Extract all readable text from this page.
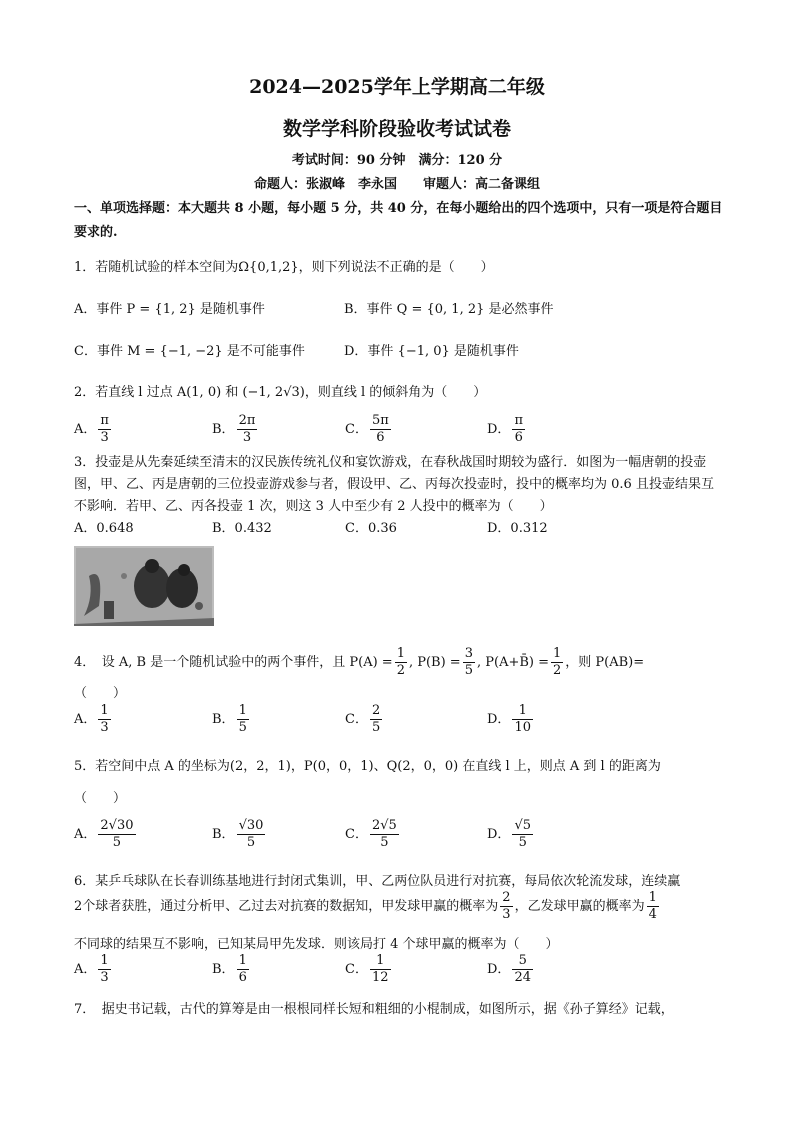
2024—2025学年上学期高二年级
数学学科阶段验收考试试卷
考试时间：90 分钟　满分：120 分
命题人：张淑峰　李永国　　审题人：高二备课组
一、单项选择题：本大题共 8 小题，每小题 5 分，共 40 分，在每小题给出的四个选项中，只有一项是符合题目要求的.
1．若随机试验的样本空间为Ω{0,1,2}，则下列说法不正确的是（　　）
A．事件 P = {1, 2} 是随机事件	B．事件 Q = {0, 1, 2} 是必然事件
C．事件 M = {−1, −2} 是不可能事件	D．事件 {−1, 0} 是随机事件
2．若直线 l 过点 A(1, 0) 和 (−1, 2√3)，则直线 l 的倾斜角为（　　）
A． $\frac{\pi}{3}$	B． $\frac{2\pi}{3}$	C． $\frac{5\pi}{6}$	D． $\frac{\pi}{6}$
3．投壶是从先秦延续至清末的汉民族传统礼仪和宴饮游戏，在春秋战国时期较为盛行．如图为一幅唐朝的投壶图，甲、乙、丙是唐朝的三位投壶游戏参与者，假设甲、乙、丙每次投壶时，投中的概率均为 0.6 且投壶结果互不影响．若甲、乙、丙各投壶 1 次，则这 3 人中至少有 2 人投中的概率为（　　）
A．0.648	B．0.432	C．0.36	D．0.312
4．　设 A, B 是一个随机试验中的两个事件，且 $P(A) = \frac{1}{2}$ , $P(B) = \frac{3}{5}$ , P(A+B̄) = $\frac{1}{2}$ ，则 P(AB)=
（　　）
A． $\frac{1}{3}$	B． $\frac{1}{5}$	C． $\frac{2}{5}$	D． $\frac{1}{10}$
5．若空间中点 A 的坐标为(2，2，1)，P(0，0，1)、Q(2，0，0) 在直线 l 上，则点 A 到 l 的距离为
（　　）
A． $\frac{2√30}{5}$	B． $\frac{√30}{5}$	C． $\frac{2√5}{5}$	D． $\frac{√5}{5}$
6．某乒乓球队在长春训练基地进行封闭式集训，甲、乙两位队员进行对抗赛，每局依次轮流发球，连续赢
2个球者获胜，通过分析甲、乙过去对抗赛的数据知，甲发球甲赢的概率为 $\frac{2}{3}$ ，乙发球甲赢的概率为 $\frac{1}{4}$
不同球的结果互不影响，已知某局甲先发球．则该局打 4 个球甲赢的概率为（　　）
A． $\frac{1}{3}$	B． $\frac{1}{6}$	C． $\frac{1}{12}$	D． $\frac{5}{24}$
7．　据史书记载，古代的算筹是由一根根同样长短和粗细的小棍制成，如图所示，据《孙子算经》记载，
